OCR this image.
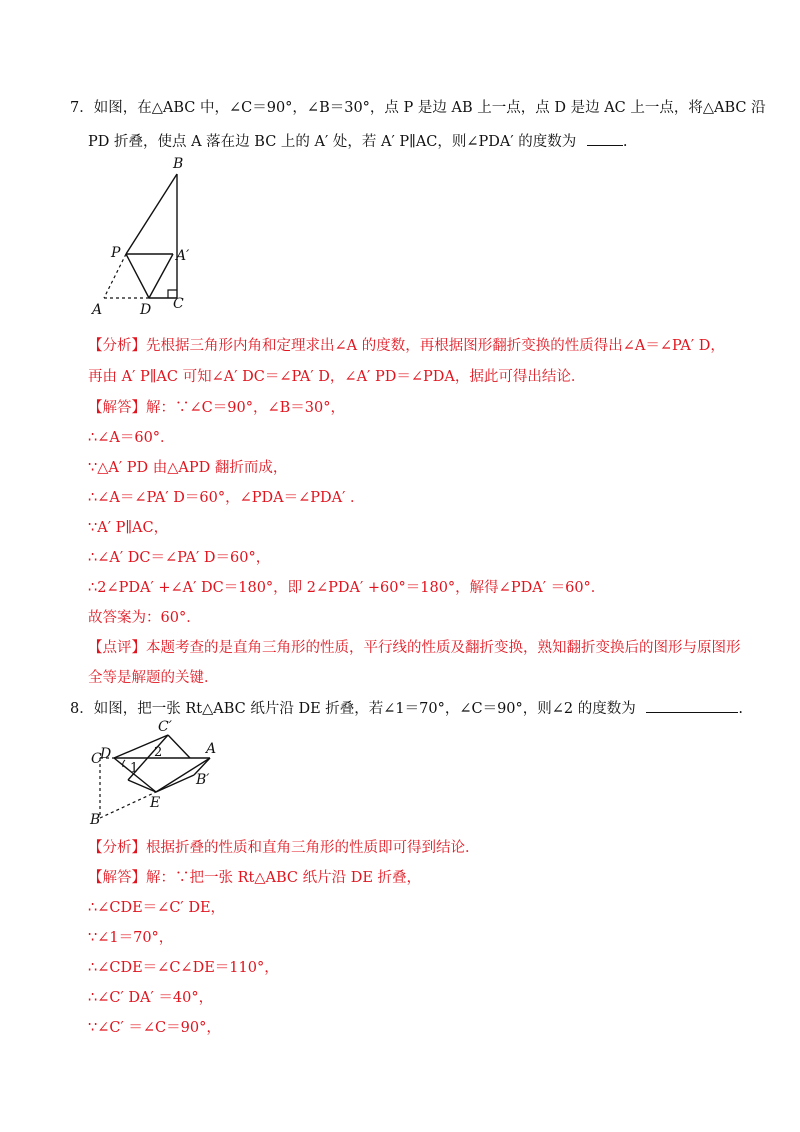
7．如图，在△ABC 中，∠C＝90°，∠B＝30°，点 P 是边 AB 上一点，点 D 是边 AC 上一点，将△ABC 沿
PD 折叠，使点 A 落在边 BC 上的 A′ 处，若 A′ P∥AC，则∠PDA′ 的度数为	.
B
P	A′
A	D C
【分析】先根据三角形内角和定理求出∠A 的度数，再根据图形翻折变换的性质得出∠A＝∠PA′ D，
再由 A′ P∥AC 可知∠A′ DC＝∠PA′ D，∠A′ PD＝∠PDA，据此可得出结论．
【解答】解：∵∠C＝90°，∠B＝30°，
∴∠A＝60°．
∵△A′ PD 由△APD 翻折而成，
∴∠A＝∠PA′ D＝60°，∠PDA＝∠PDA′ ．
∵A′ P∥AC，
∴∠A′ DC＝∠PA′ D＝60°，
∴2∠PDA′ +∠A′ DC＝180°，即 2∠PDA′ +60°＝180°，解得∠PDA′ ＝60°．
故答案为：60°．
【点评】本题考查的是直角三角形的性质，平行线的性质及翻折变换，熟知翻折变换后的图形与原图形
全等是解题的关键．
8．如图，把一张 Rt△ABC 纸片沿 DE 折叠，若∠1＝70°，∠C＝90°，则∠2 的度数为	.
C′
C
D	2	A
1
B′
E
B
【分析】根据折叠的性质和直角三角形的性质即可得到结论．
【解答】解：∵把一张 Rt△ABC 纸片沿 DE 折叠，
∴∠CDE＝∠C′ DE，
∵∠1＝70°，
∴∠CDE＝∠C∠DE＝110°，
∴∠C′ DA′ ＝40°，
∵∠C′ ＝∠C＝90°，
